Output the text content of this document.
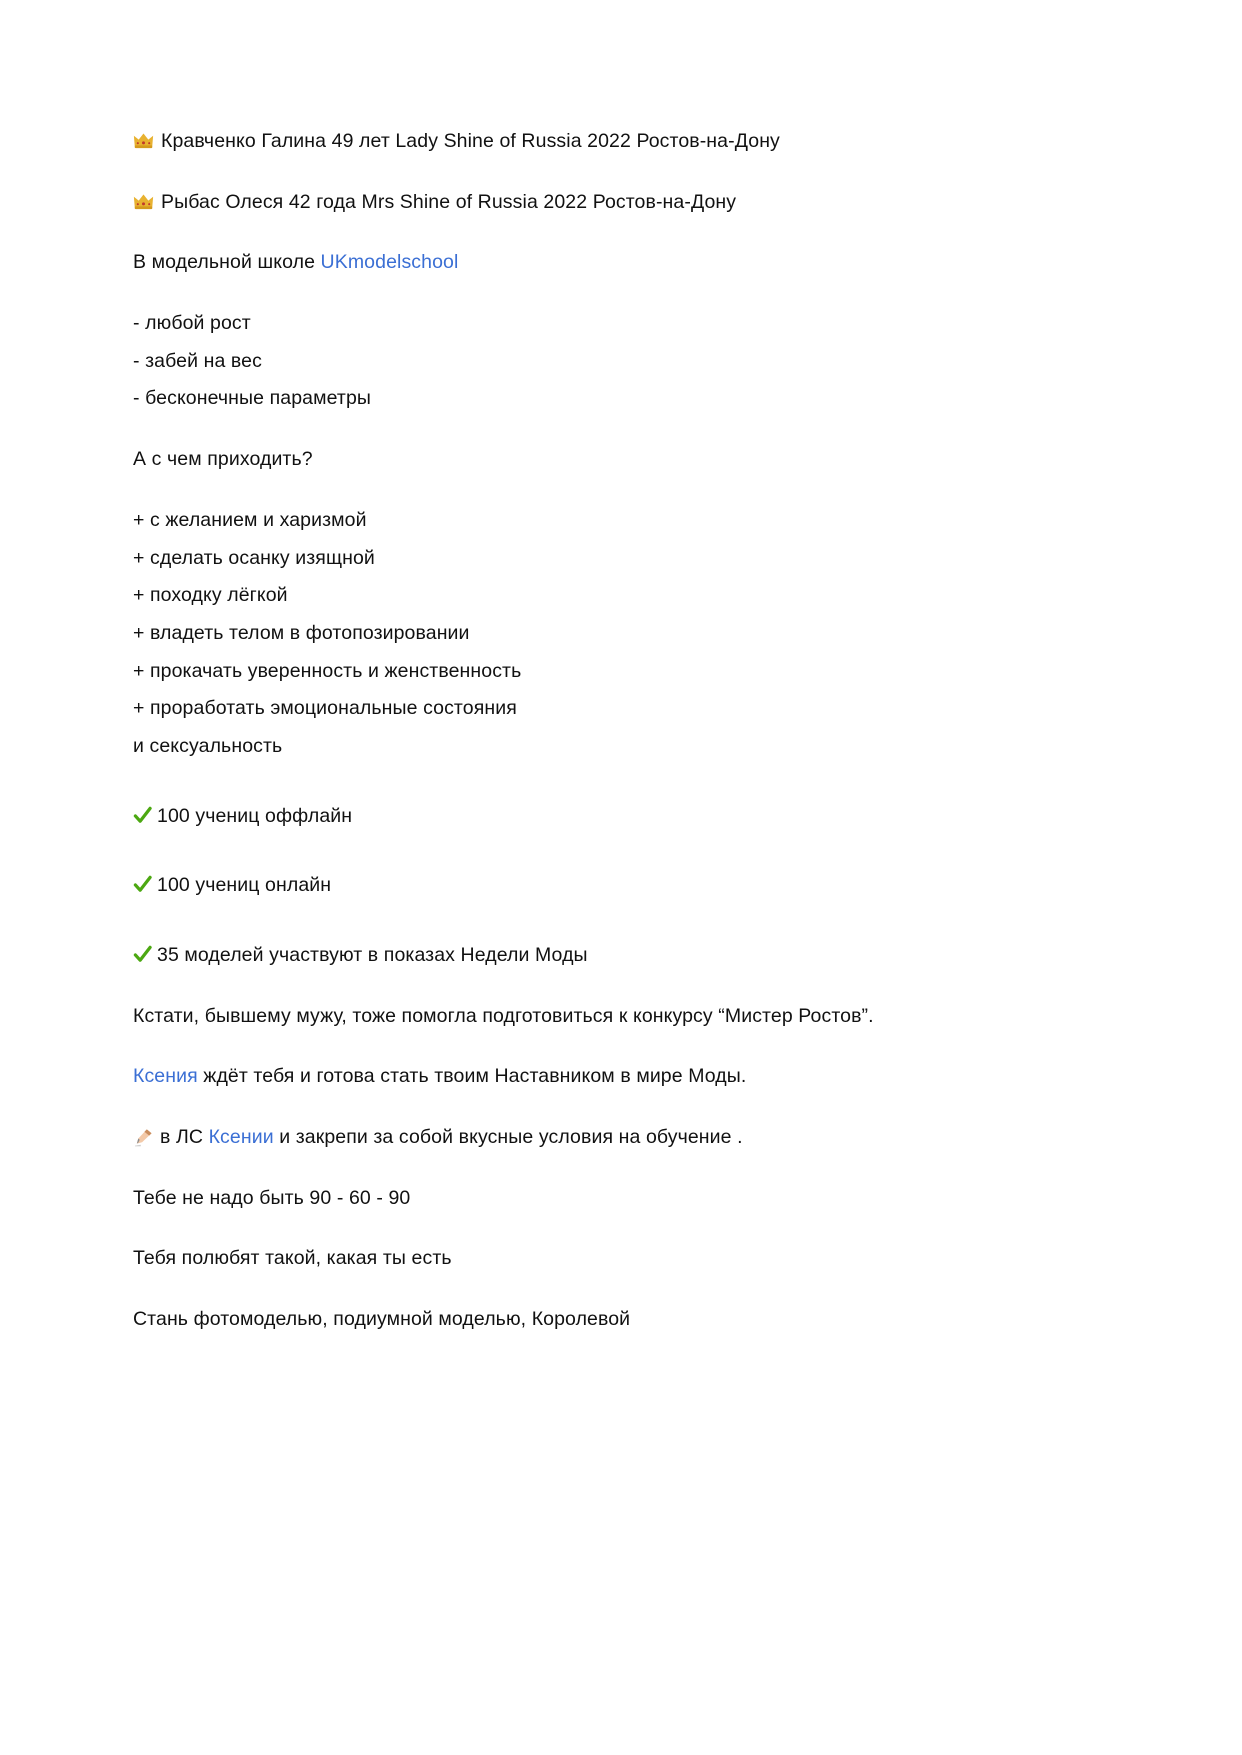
Кравченко Галина 49 лет Lady Shine of Russia 2022 Ростов-на-Дону

Рыбас Олеся 42 года Mrs Shine of Russia 2022 Ростов-на-Дону

В модельной школе UKmodelschool

- любой рост

- забей на вес

- бесконечные параметры

А с чем приходить?

+ с желанием и харизмой

+ сделать осанку изящной

+ походку лёгкой

+ владеть телом в фотопозировании

+ прокачать уверенность и женственность

+ проработать эмоциональные состояния

и сексуальность

100 учениц оффлайн

100 учениц онлайн

35 моделей участвуют в показах Недели Моды

Кстати, бывшему мужу, тоже помогла подготовиться к конкурсу “Мистер Ростов”.

Ксения ждёт тебя и готова стать твоим Наставником в мире Моды.

в ЛС Ксении и закрепи за собой вкусные условия на обучение .

Тебе не надо быть 90 - 60 - 90

Тебя полюбят такой, какая ты есть

Стань фотомоделью, подиумной моделью, Королевой
